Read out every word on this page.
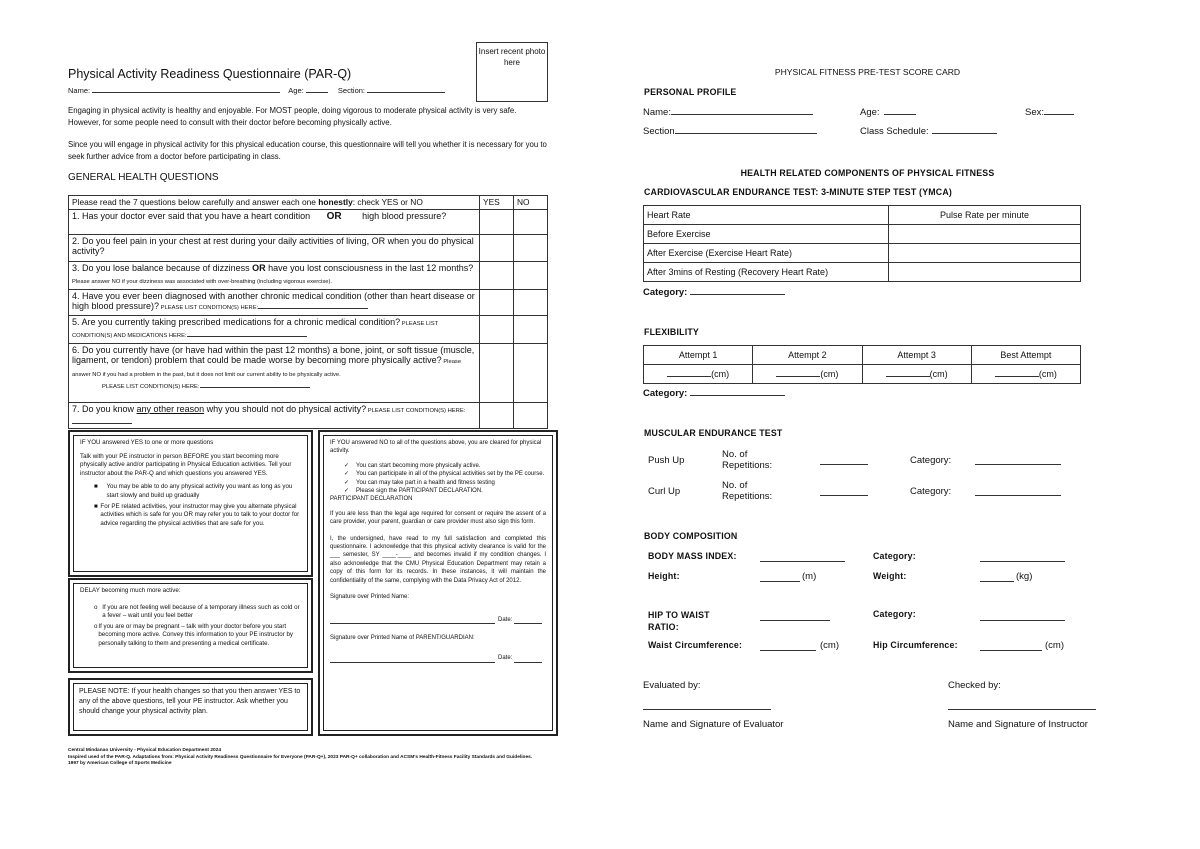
Insert recent photo here
Physical Activity Readiness Questionnaire (PAR-Q)
Name:	Age:	Section:
Engaging in physical activity is healthy and enjoyable. For MOST people, doing vigorous to moderate physical activity is very safe. However, for some people need to consult with their doctor before becoming physically active.
Since you will engage in physical activity for this physical education course, this questionnaire will tell you whether it is necessary for you to seek further advice from a doctor before participating in class.
GENERAL HEALTH QUESTIONS
Please read the 7 questions below carefully and answer each one honestly: check YES or NO	YES	NO
1. Has your doctor ever said that you have a heart condition OR high blood pressure?		
2. Do you feel pain in your chest at rest during your daily activities of living, OR when you do physical activity?		
3. Do you lose balance because of dizziness OR have you lost consciousness in the last 12 months? Please answer NO if your dizziness was associated with over-breathing (including vigorous exercise).		
4. Have you ever been diagnosed with another chronic medical condition (other than heart disease or high blood pressure)? PLEASE LIST CONDITION(S) HERE:		
5. Are you currently taking prescribed medications for a chronic medical condition? PLEASE LIST CONDITION(S) AND MEDICATIONS HERE:		
6. Do you currently have (or have had within the past 12 months) a bone, joint, or soft tissue (muscle, ligament, or tendon) problem that could be made worse by becoming more physically active? Please answer NO if you had a problem in the past, but it does not limit our current ability to be physically active.
PLEASE LIST CONDITION(S) HERE:		
7. Do you know any other reason why you should not do physical activity? PLEASE LIST CONDITION(S) HERE:		
IF YOU answered YES to one or more questions
Talk with your PE instructor in person BEFORE you start becoming more physically active and/or participating in Physical Education activities. Tell your instructor about the PAR-Q and which questions you answered YES.
■	You may be able to do any physical activity you want as long as you start slowly and build up gradually
■ For PE related activities, your instructor may give you alternate physical activities which is safe for you OR may refer you to talk to your doctor for advice regarding the physical activities that are safe for you.
DELAY becoming much more active:
o If you are not feeling well because of a temporary illness such as cold or a fever – wait until you feel better
o If you are or may be pregnant – talk with your doctor before you start becoming more active. Convey this information to your PE instructor by personally talking to them and presenting a medical certificate.
PLEASE NOTE: If your health changes so that you then answer YES to any of the above questions, tell your PE instructor. Ask whether you should change your physical activity plan.
IF YOU answered NO to all of the questions above, you are cleared for physical activity.
✓	You can start becoming more physically active.
✓	You can participate in all of the physical activities set by the PE course.
✓	You can may take part in a health and fitness testing
✓	Please sign the PARTICIPANT DECLARATION.
PARTICIPANT DECLARATION
If you are less than the legal age required for consent or require the assent of a care provider, your parent, guardian or care provider must also sign this form.
I, the undersigned, have read to my full satisfaction and completed this questionnaire. I acknowledge that this physical activity clearance is valid for the ___ semester, SY ____-____ and becomes invalid if my condition changes. I also acknowledge that the CMU Physical Education Department may retain a copy of this form for its records. In these instances, it will maintain the confidentiality of the same, complying with the Data Privacy Act of 2012.
Signature over Printed Name:
Date:
Signature over Printed Name of PARENT/GUARDIAN:
Date:
Central Mindanao University - Physical Education Department 2024
Inspired used of the PAR-Q. Adaptations from: Physical Activity Readiness Questionnaire for Everyone (PAR-Q+), 2023 PAR-Q+ collaboration and ACSM's Health-Fitness Facility Standards and Guidelines.
1997 by American College of Sports Medicine
PHYSICAL FITNESS PRE-TEST SCORE CARD
PERSONAL PROFILE
Name:	Age:	Sex:
Section	Class Schedule:
HEALTH RELATED COMPONENTS OF PHYSICAL FITNESS
CARDIOVASCULAR ENDURANCE TEST: 3-MINUTE STEP TEST (YMCA)
Heart Rate	Pulse Rate per minute
Before Exercise	
After Exercise (Exercise Heart Rate)	
After 3mins of Resting (Recovery Heart Rate)	
Category:
FLEXIBILITY
Attempt 1	Attempt 2	Attempt 3	Best Attempt
(cm)	(cm)	(cm)	(cm)
Category:
MUSCULAR ENDURANCE TEST
Push Up
No. of Repetitions:	Category:
Curl Up
No. of Repetitions:	Category:
BODY COMPOSITION
BODY MASS INDEX:	Category:
Height:	(m)	Weight:	(kg)
HIP TO WAIST RATIO:
Category:
Waist Circumference:	(cm)	Hip Circumference:	(cm)
Evaluated by:	Checked by:
Name and Signature of Evaluator	Name and Signature of Instructor
